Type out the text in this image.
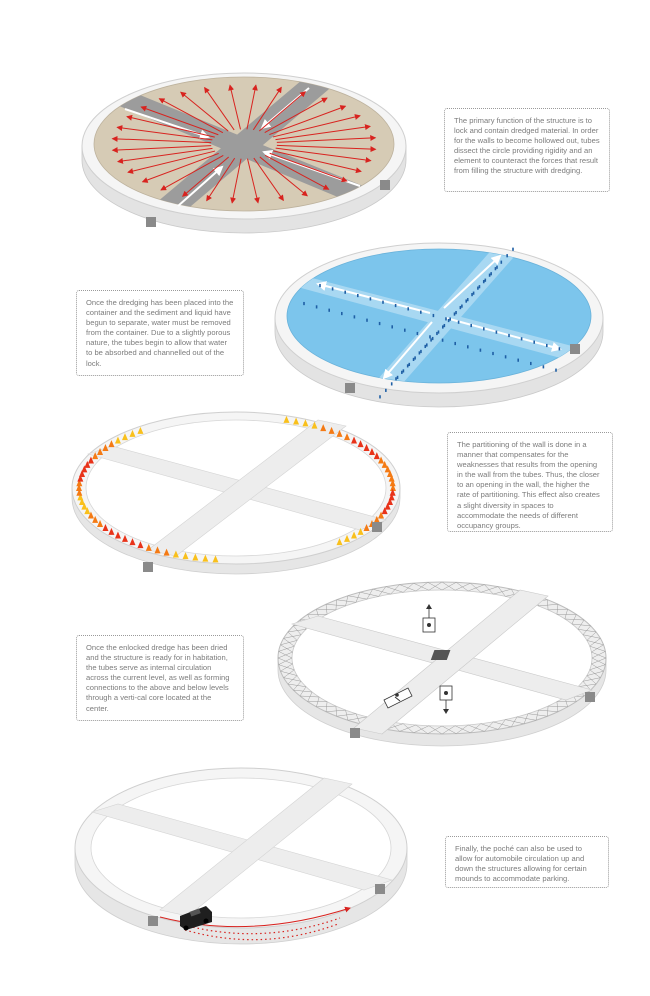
The primary function of the structure is to lock and contain dredged material. In order for the walls to become hollowed out, tubes dissect the circle providing rigidity and an element to counteract the forces that result from filling the structure with dredging.
Once the dredging has been placed into the container and the sediment and liquid have begun to separate, water must be removed from the container. Due to a slightly porous nature, the tubes begin to allow that water to be absorbed and channelled out of the lock.
The partitioning of the wall is done in a manner that compensates for the weaknesses that results from the opening in the wall from the tubes. Thus, the closer to an opening in the wall, the higher the rate of partitioning. This effect also creates a slight diversity in spaces to accommodate the needs of different occupancy groups.
Once the enlocked dredge has been dried and the structure is ready for in habitation, the tubes serve as internal circulation across the current level, as well as forming connections to the above and below levels through a verti-cal core located at the center.
Finally, the poché can also be used to allow for automobile circulation up and down the structures allowing for certain mounds to accommodate parking.
